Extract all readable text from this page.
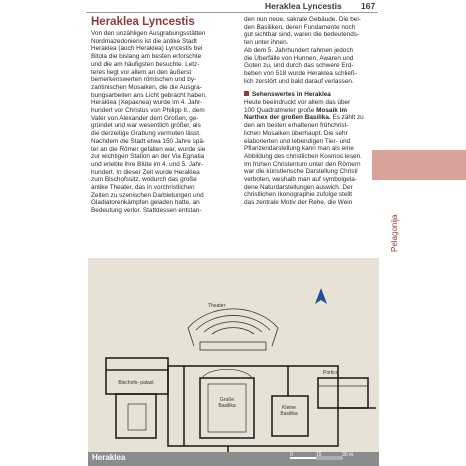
Heraklea Lyncestis 167
Heraklea Lyncestis
Von den unzähligen Ausgrabungsstätten
Nordmazedoniens ist die antike Stadt
Heraklea (auch Heraklea) Lyncestis bei
Bitola die bislang am besten erforschte
und die am häufigsten besuchte. Letz-
teres liegt vor allem an den äußerst
bemerkenswerten römischen und by-
zantinischen Mosaiken, die die Ausgra-
bungsarbeiten ans Licht gebracht haben.
Heraklea (Хераклеа) wurde im 4. Jahr-
hundert vor Christus von Philipp II., dem
Vater von Alexander dem Großen, ge-
gründet und war wesentlich größer, als
die derzeitige Grabung vermuten lässt.
Nachdem die Stadt etwa 150 Jahre spä-
ter an die Römer gefallen war, wurde sie
zur wichtigen Station an der Via Egnatia
und erlebte ihre Blüte im 4. und 5. Jahr-
hundert. In dieser Zeit wurde Heraklea
zum Bischofssitz, wodurch das große
antike Theater, das in vorchristlichen
Zeiten zu szenischen Darbietungen und
Gladiatorenkämpfen geladen hatte, an
Bedeutung verlor. Stattdessen entstan-
den nun neue, sakrale Gebäude. Die bei-
den Basiliken, deren Fundamente noch
gut sichtbar sind, waren die bedeutends-
ten unter ihnen.
Ab dem 5. Jahrhundert rahmen jedoch
die Überfälle von Hunnen, Awaren und
Goten zu, und durch das schwere Erd-
beben von 518 wurde Heraklea schließ-
lich zerstört und bald darauf verlassen.
Sehenswertes in Heraklea
Heute beeindruckt vor allem das über
100 Quadratmeter große Mosaik im
Narthex der großen Basilika. Es zählt zu
den am besten erhaltenen frühchrist-
lichen Mosaiken überhaupt. Die sehr
elaborierten und lebendigen Tier- und
Pflanzendarstellung kann man als eine
Abbildung des christlichen Kosmos lesen.
Im frühen Christentum unter den Römern
war die künstlerische Darstellung Christi
verboten, weshalb man auf symbolgela-
dene Naturdarstellungen auswich. Der
christlichen Ikonographie zufolge stellt
das zentrale Motiv der Rehe, die Wein
Pelagonija
Theater
Portico
Große Basilika	Kleine Basilika
Bischofs- palast
Heraklea	0	15	30 m
